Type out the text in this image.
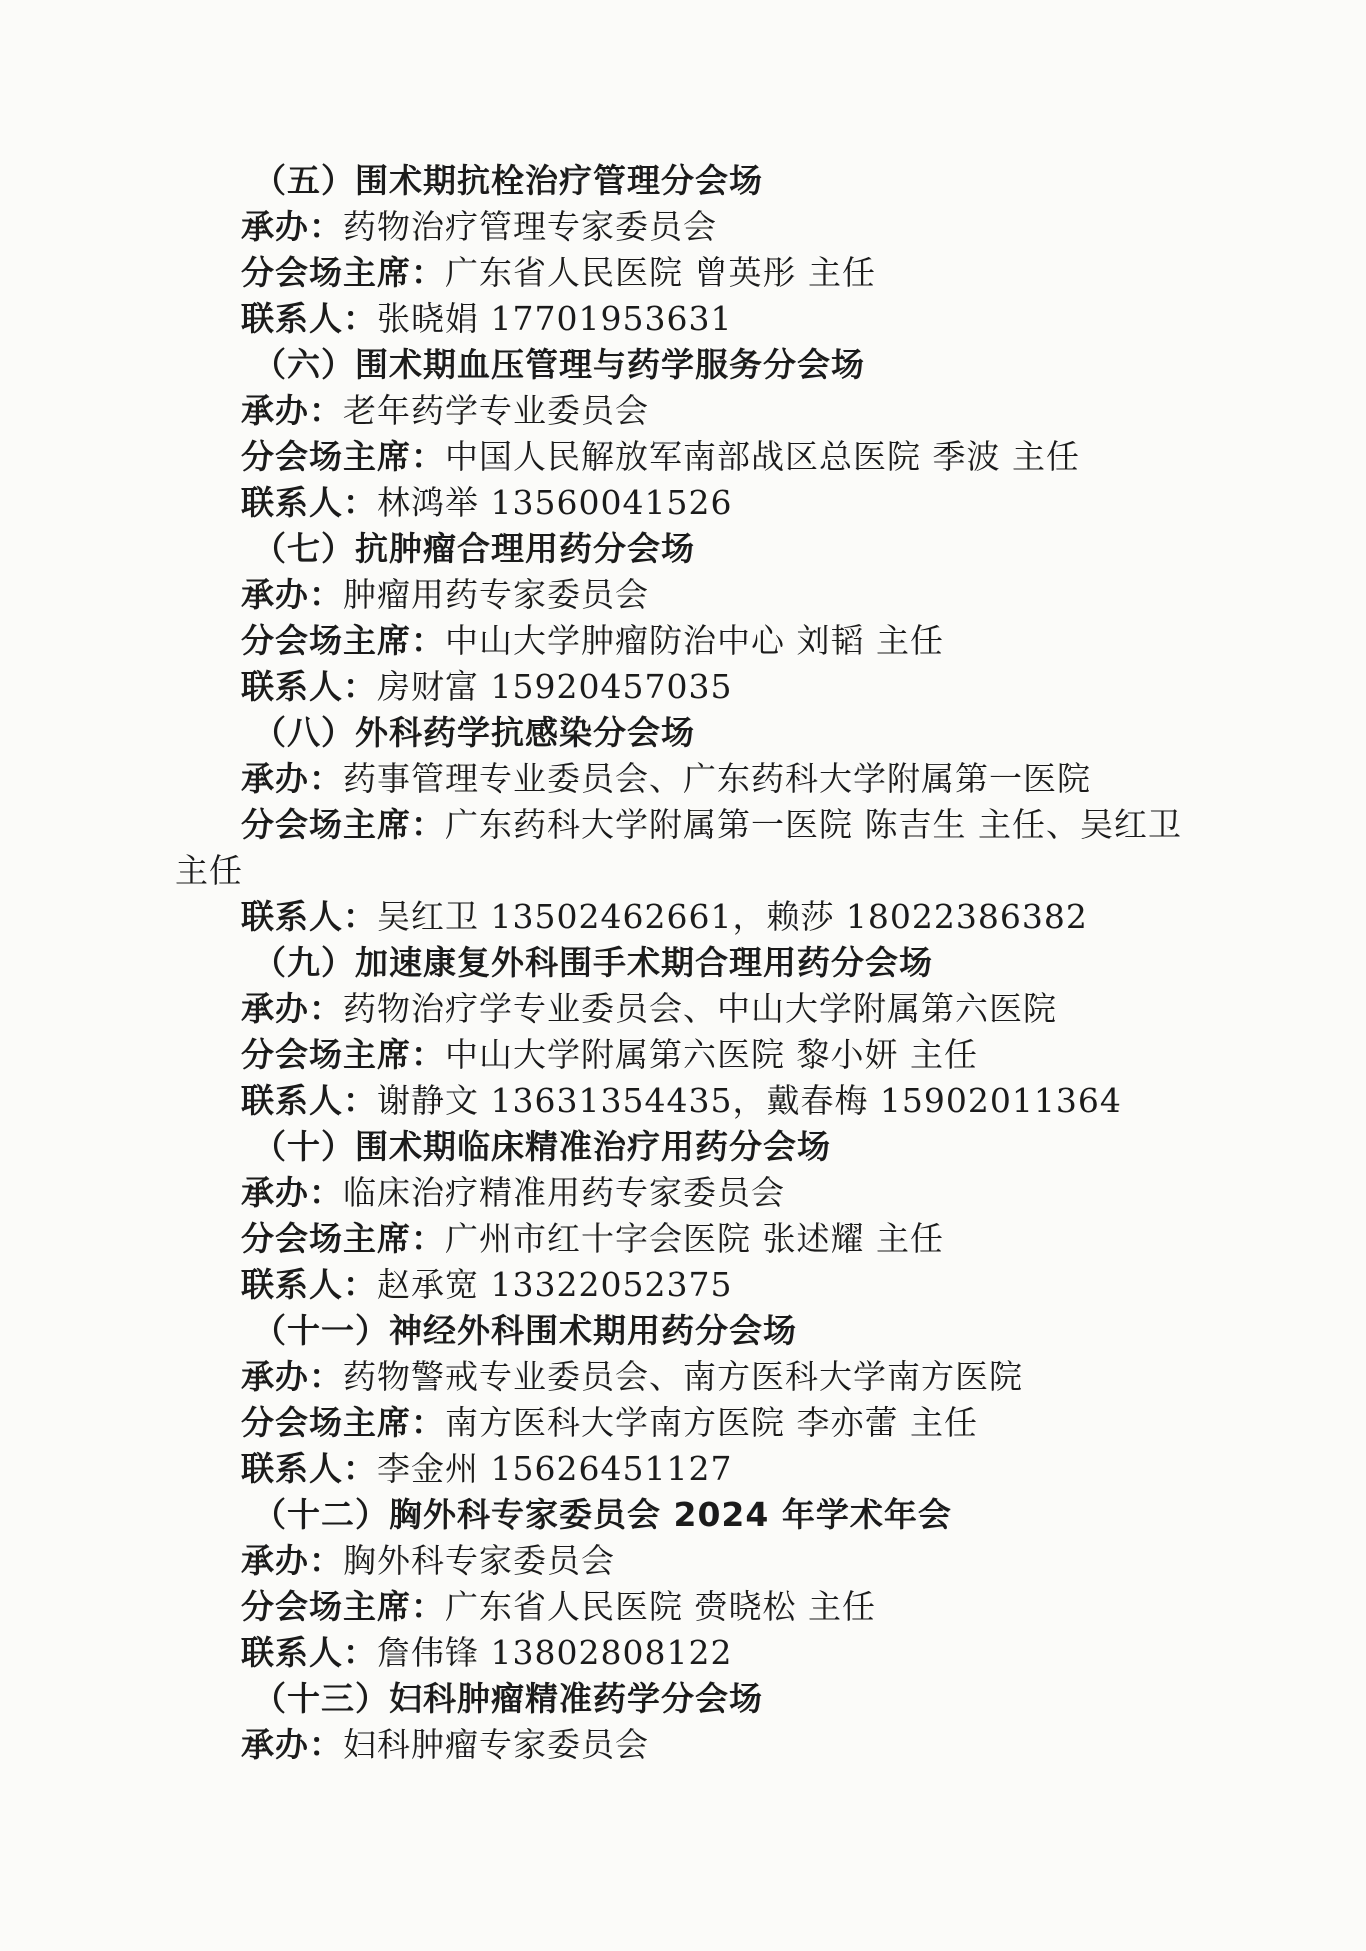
（五）围术期抗栓治疗管理分会场
承办：药物治疗管理专家委员会
分会场主席：广东省人民医院 曾英彤 主任
联系人：张晓娟 17701953631
（六）围术期血压管理与药学服务分会场
承办：老年药学专业委员会
分会场主席：中国人民解放军南部战区总医院 季波 主任
联系人：林鸿举 13560041526
（七）抗肿瘤合理用药分会场
承办：肿瘤用药专家委员会
分会场主席：中山大学肿瘤防治中心 刘韬 主任
联系人：房财富 15920457035
（八）外科药学抗感染分会场
承办：药事管理专业委员会、广东药科大学附属第一医院
分会场主席：广东药科大学附属第一医院 陈吉生 主任、吴红卫 主任
联系人：吴红卫 13502462661，赖莎 18022386382
（九）加速康复外科围手术期合理用药分会场
承办：药物治疗学专业委员会、中山大学附属第六医院
分会场主席：中山大学附属第六医院 黎小妍 主任
联系人：谢静文 13631354435，戴春梅 15902011364
（十）围术期临床精准治疗用药分会场
承办：临床治疗精准用药专家委员会
分会场主席：广州市红十字会医院 张述耀 主任
联系人：赵承宽 13322052375
（十一）神经外科围术期用药分会场
承办：药物警戒专业委员会、南方医科大学南方医院
分会场主席：南方医科大学南方医院 李亦蕾 主任
联系人：李金州 15626451127
（十二）胸外科专家委员会 2024 年学术年会
承办：胸外科专家委员会
分会场主席：广东省人民医院 赍晓松 主任
联系人：詹伟锋 13802808122
（十三）妇科肿瘤精准药学分会场
承办：妇科肿瘤专家委员会
